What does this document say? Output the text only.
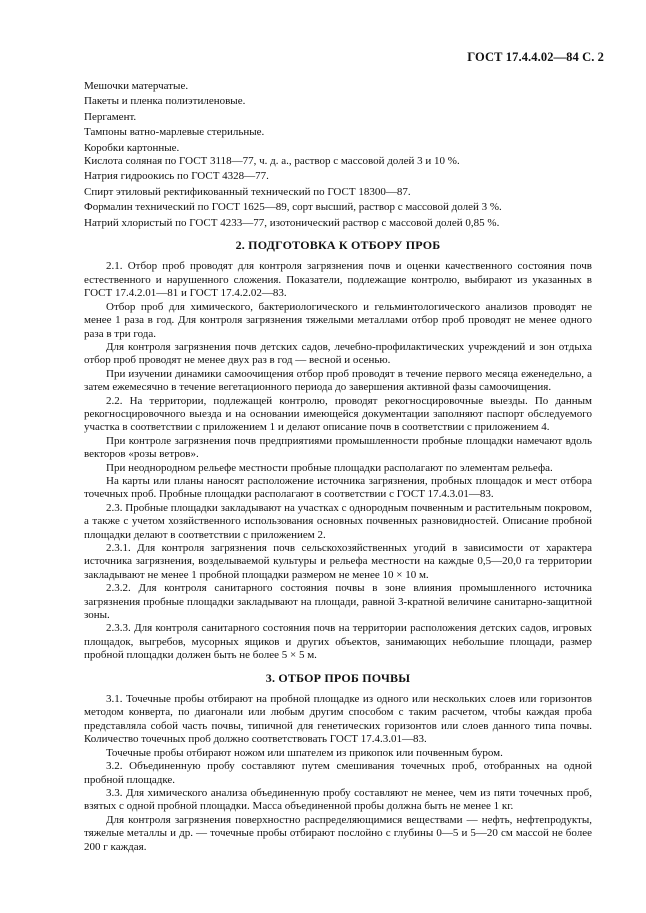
ГОСТ 17.4.4.02—84 С. 2

Мешочки матерчатые.

Пакеты и пленка полиэтиленовые.

Пергамент.

Тампоны ватно-марлевые стерильные.

Коробки картонные.

Кислота соляная по ГОСТ 3118—77, ч. д. а., раствор с массовой долей 3 и 10 %.

Натрия гидроокись по ГОСТ 4328—77.

Спирт этиловый ректификованный технический по ГОСТ 18300—87.

Формалин технический по ГОСТ 1625—89, сорт высший, раствор с массовой долей 3 %.

Натрий хлористый по ГОСТ 4233—77, изотонический раствор с массовой долей 0,85 %.

2. ПОДГОТОВКА К ОТБОРУ ПРОБ

2.1. Отбор проб проводят для контроля загрязнения почв и оценки качественного состояния почв естественного и нарушенного сложения. Показатели, подлежащие контролю, выбирают из указанных в ГОСТ 17.4.2.01—81 и ГОСТ 17.4.2.02—83.

Отбор проб для химического, бактериологического и гельминтологического анализов проводят не менее 1 раза в год. Для контроля загрязнения тяжелыми металлами отбор проб проводят не менее одного раза в три года.

Для контроля загрязнения почв детских садов, лечебно-профилактических учреждений и зон отдыха отбор проб проводят не менее двух раз в год — весной и осенью.

При изучении динамики самоочищения отбор проб проводят в течение первого месяца еженедельно, а затем ежемесячно в течение вегетационного периода до завершения активной фазы самоочищения.

2.2. На территории, подлежащей контролю, проводят рекогносцировочные выезды. По данным рекогносцировочного выезда и на основании имеющейся документации заполняют паспорт обследуемого участка в соответствии с приложением 1 и делают описание почв в соответствии с приложением 4.

При контроле загрязнения почв предприятиями промышленности пробные площадки намечают вдоль векторов «розы ветров».

При неоднородном рельефе местности пробные площадки располагают по элементам рельефа.

На карты или планы наносят расположение источника загрязнения, пробных площадок и мест отбора точечных проб. Пробные площадки располагают в соответствии с ГОСТ 17.4.3.01—83.

2.3. Пробные площадки закладывают на участках с однородным почвенным и растительным покровом, а также с учетом хозяйственного использования основных почвенных разновидностей. Описание пробной площадки делают в соответствии с приложением 2.

2.3.1. Для контроля загрязнения почв сельскохозяйственных угодий в зависимости от характера источника загрязнения, возделываемой культуры и рельефа местности на каждые 0,5—20,0 га территории закладывают не менее 1 пробной площадки размером не менее 10 × 10 м.

2.3.2. Для контроля санитарного состояния почвы в зоне влияния промышленного источника загрязнения пробные площадки закладывают на площади, равной 3-кратной величине санитарно-защитной зоны.

2.3.3. Для контроля санитарного состояния почв на территории расположения детских садов, игровых площадок, выгребов, мусорных ящиков и других объектов, занимающих небольшие площади, размер пробной площадки должен быть не более 5 × 5 м.

3. ОТБОР ПРОБ ПОЧВЫ

3.1. Точечные пробы отбирают на пробной площадке из одного или нескольких слоев или горизонтов методом конверта, по диагонали или любым другим способом с таким расчетом, чтобы каждая проба представляла собой часть почвы, типичной для генетических горизонтов или слоев данного типа почвы. Количество точечных проб должно соответствовать ГОСТ 17.4.3.01—83.

Точечные пробы отбирают ножом или шпателем из прикопок или почвенным буром.

3.2. Объединенную пробу составляют путем смешивания точечных проб, отобранных на одной пробной площадке.

3.3. Для химического анализа объединенную пробу составляют не менее, чем из пяти точечных проб, взятых с одной пробной площадки. Масса объединенной пробы должна быть не менее 1 кг.

Для контроля загрязнения поверхностно распределяющимися веществами — нефть, нефтепродукты, тяжелые металлы и др. — точечные пробы отбирают послойно с глубины 0—5 и 5—20 см массой не более 200 г каждая.
